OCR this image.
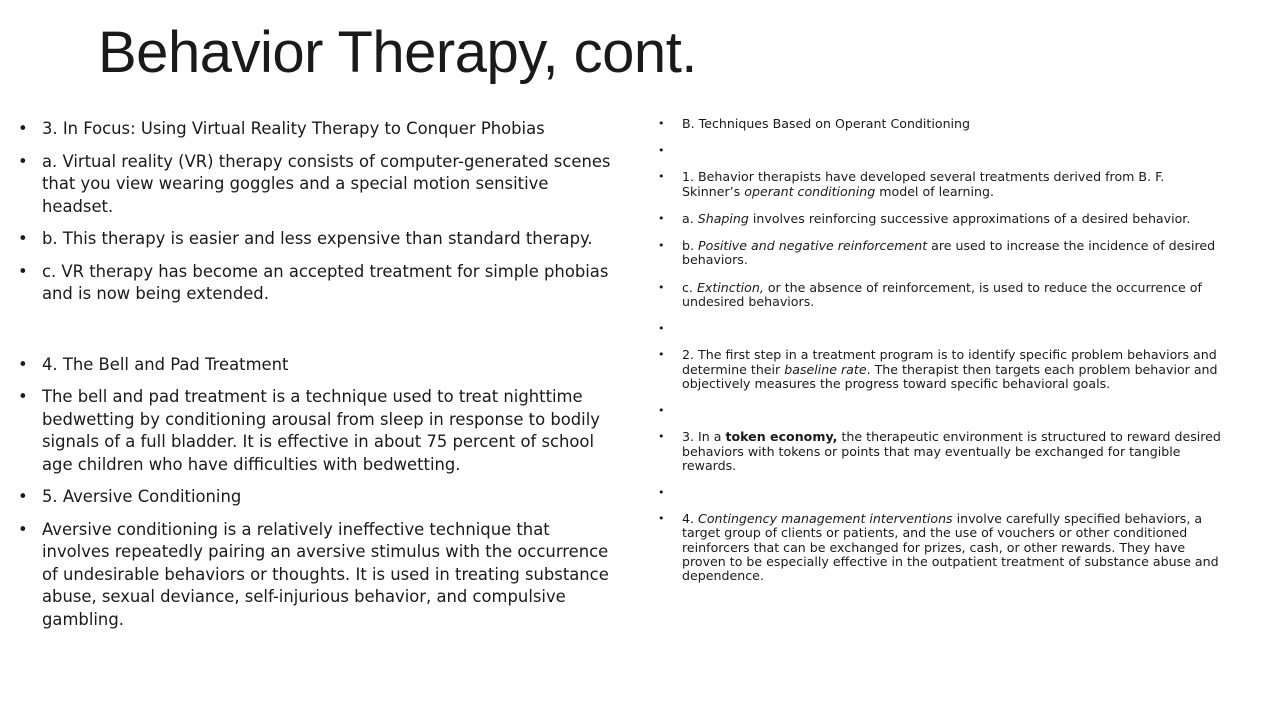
Behavior Therapy, cont.
• 3. In Focus: Using Virtual Reality Therapy to Conquer Phobias
• a. Virtual reality (VR) therapy consists of computer-generated scenes that you view wearing goggles and a special motion sensitive headset.
• b. This therapy is easier and less expensive than standard therapy.
• c. VR therapy has become an accepted treatment for simple phobias and is now being extended.
• 4. The Bell and Pad Treatment
• The bell and pad treatment is a technique used to treat nighttime bedwetting by conditioning arousal from sleep in response to bodily signals of a full bladder. It is effective in about 75 percent of school age children who have difficulties with bedwetting.
• 5. Aversive Conditioning
• Aversive conditioning is a relatively ineffective technique that involves repeatedly pairing an aversive stimulus with the occurrence of undesirable behaviors or thoughts. It is used in treating substance abuse, sexual deviance, self-injurious behavior, and compulsive gambling.
• B. Techniques Based on Operant Conditioning
•
• 1. Behavior therapists have developed several treatments derived from B. F. Skinner’s operant conditioning model of learning.
• a. Shaping involves reinforcing successive approximations of a desired behavior.
• b. Positive and negative reinforcement are used to increase the incidence of desired behaviors.
• c. Extinction, or the absence of reinforcement, is used to reduce the occurrence of undesired behaviors.
•
• 2. The first step in a treatment program is to identify specific problem behaviors and determine their baseline rate. The therapist then targets each problem behavior and objectively measures the progress toward specific behavioral goals.
•
• 3. In a token economy, the therapeutic environment is structured to reward desired behaviors with tokens or points that may eventually be exchanged for tangible rewards.
•
• 4. Contingency management interventions involve carefully specified behaviors, a target group of clients or patients, and the use of vouchers or other conditioned reinforcers that can be exchanged for prizes, cash, or other rewards. They have proven to be especially effective in the outpatient treatment of substance abuse and dependence.
